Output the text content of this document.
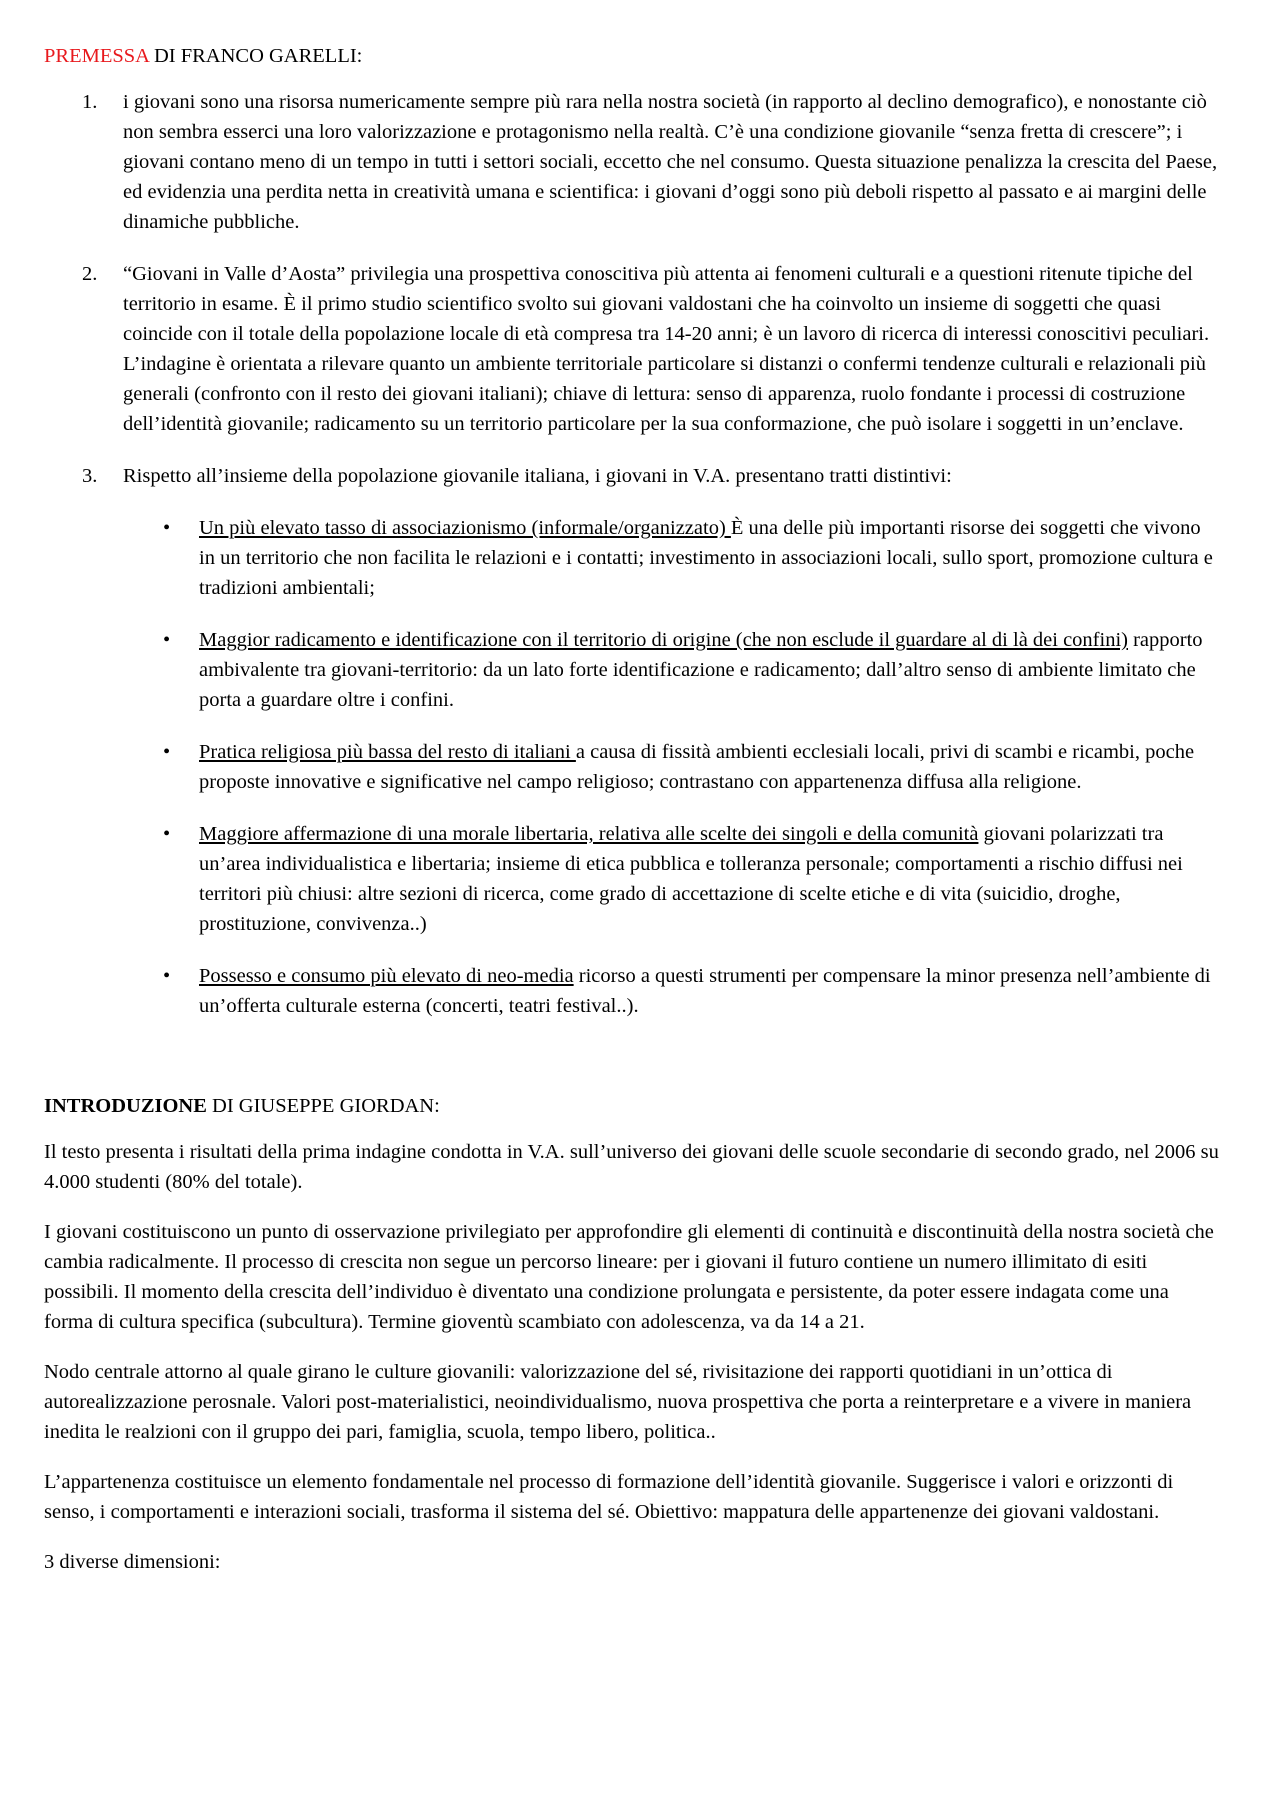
PREMESSA DI FRANCO GARELLI:

1. i giovani sono una risorsa numericamente sempre più rara nella nostra società (in rapporto al declino demografico), e nonostante ciò non sembra esserci una loro valorizzazione e protagonismo nella realtà. C’è una condizione giovanile “senza fretta di crescere”; i giovani contano meno di un tempo in tutti i settori sociali, eccetto che nel consumo. Questa situazione penalizza la crescita del Paese, ed evidenzia una perdita netta in creatività umana e scientifica: i giovani d’oggi sono più deboli rispetto al passato e ai margini delle dinamiche pubbliche.
2. “Giovani in Valle d’Aosta” privilegia una prospettiva conoscitiva più attenta ai fenomeni culturali e a questioni ritenute tipiche del territorio in esame. È il primo studio scientifico svolto sui giovani valdostani che ha coinvolto un insieme di soggetti che quasi coincide con il totale della popolazione locale di età compresa tra 14-20 anni; è un lavoro di ricerca di interessi conoscitivi peculiari. L’indagine è orientata a rilevare quanto un ambiente territoriale particolare si distanzi o confermi tendenze culturali e relazionali più generali (confronto con il resto dei giovani italiani); chiave di lettura: senso di apparenza, ruolo fondante i processi di costruzione dell’identità giovanile; radicamento su un territorio particolare per la sua conformazione, che può isolare i soggetti in un’enclave.
3. Rispetto all’insieme della popolazione giovanile italiana, i giovani in V.A. presentano tratti distintivi:
• Un più elevato tasso di associazionismo (informale/organizzato) È una delle più importanti risorse dei soggetti che vivono in un territorio che non facilita le relazioni e i contatti; investimento in associazioni locali, sullo sport, promozione cultura e tradizioni ambientali;
• Maggior radicamento e identificazione con il territorio di origine (che non esclude il guardare al di là dei confini) rapporto ambivalente tra giovani-territorio: da un lato forte identificazione e radicamento; dall’altro senso di ambiente limitato che porta a guardare oltre i confini.
• Pratica religiosa più bassa del resto di italiani a causa di fissità ambienti ecclesiali locali, privi di scambi e ricambi, poche proposte innovative e significative nel campo religioso; contrastano con appartenenza diffusa alla religione.
• Maggiore affermazione di una morale libertaria, relativa alle scelte dei singoli e della comunità giovani polarizzati tra un’area individualistica e libertaria; insieme di etica pubblica e tolleranza personale; comportamenti a rischio diffusi nei territori più chiusi: altre sezioni di ricerca, come grado di accettazione di scelte etiche e di vita (suicidio, droghe, prostituzione, convivenza..)
• Possesso e consumo più elevato di neo-media ricorso a questi strumenti per compensare la minor presenza nell’ambiente di un’offerta culturale esterna (concerti, teatri festival..).

INTRODUZIONE DI GIUSEPPE GIORDAN:

Il testo presenta i risultati della prima indagine condotta in V.A. sull’universo dei giovani delle scuole secondarie di secondo grado, nel 2006 su 4.000 studenti (80% del totale).

I giovani costituiscono un punto di osservazione privilegiato per approfondire gli elementi di continuità e discontinuità della nostra società che cambia radicalmente. Il processo di crescita non segue un percorso lineare: per i giovani il futuro contiene un numero illimitato di esiti possibili. Il momento della crescita dell’individuo è diventato una condizione prolungata e persistente, da poter essere indagata come una forma di cultura specifica (subcultura). Termine gioventù scambiato con adolescenza, va da 14 a 21.

Nodo centrale attorno al quale girano le culture giovanili: valorizzazione del sé, rivisitazione dei rapporti quotidiani in un’ottica di autorealizzazione perosnale. Valori post-materialistici, neoindividualismo, nuova prospettiva che porta a reinterpretare e a vivere in maniera inedita le realzioni con il gruppo dei pari, famiglia, scuola, tempo libero, politica..

L’appartenenza costituisce un elemento fondamentale nel processo di formazione dell’identità giovanile. Suggerisce i valori e orizzonti di senso, i comportamenti e interazioni sociali, trasforma il sistema del sé. Obiettivo: mappatura delle appartenenze dei giovani valdostani.

3 diverse dimensioni:
